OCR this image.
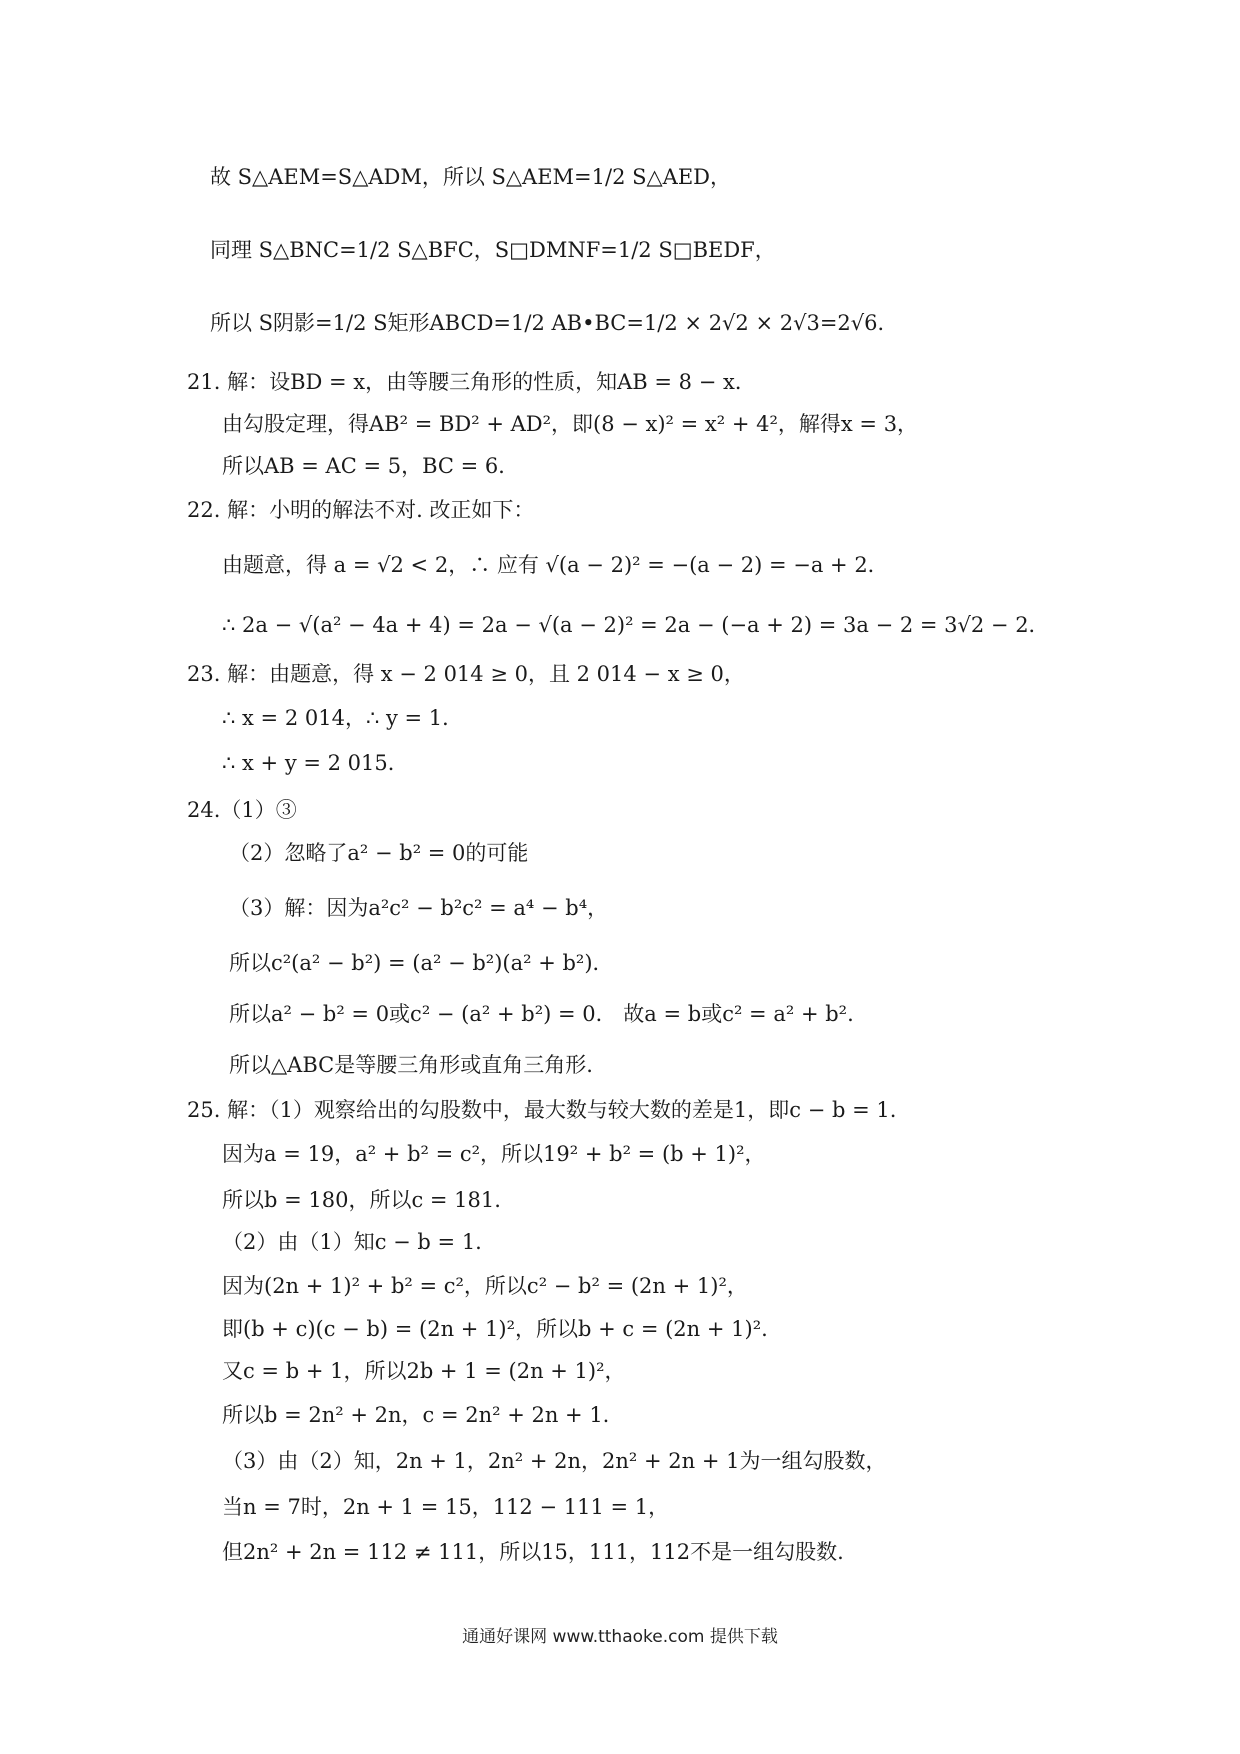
故 S△AEM=S△ADM，所以 S△AEM=1/2 S△AED，
同理 S△BNC=1/2 S△BFC，S□DMNF=1/2 S□BEDF，
所以 S阴影=1/2 S矩形ABCD=1/2 AB•BC=1/2 × 2√2 × 2√3=2√6．
21. 解：设BD = x，由等腰三角形的性质，知AB = 8 − x．
由勾股定理，得AB² = BD² + AD²，即(8 − x)² = x² + 4²，解得x = 3，
所以AB = AC = 5，BC = 6．
22. 解：小明的解法不对. 改正如下：
由题意，得 a = √2 < 2，∴ 应有 √(a − 2)² = −(a − 2) = −a + 2．
∴ 2a − √(a² − 4a + 4) = 2a − √(a − 2)² = 2a − (−a + 2) = 3a − 2 = 3√2 − 2．
23. 解：由题意，得 x − 2 014 ≥ 0，且 2 014 − x ≥ 0，
∴ x = 2 014，∴ y = 1．
∴ x + y = 2 015．
24.（1）③
（2）忽略了a² − b² = 0的可能
（3）解：因为a²c² − b²c² = a⁴ − b⁴，
所以c²(a² − b²) = (a² − b²)(a² + b²)．
所以a² − b² = 0或c² − (a² + b²) = 0． 故a = b或c² = a² + b².
所以△ABC是等腰三角形或直角三角形.
25. 解：（1）观察给出的勾股数中，最大数与较大数的差是1，即c − b = 1.
因为a = 19，a² + b² = c²，所以19² + b² = (b + 1)²，
所以b = 180，所以c = 181.
（2）由（1）知c − b = 1.
因为(2n + 1)² + b² = c²，所以c² − b² = (2n + 1)²，
即(b + c)(c − b) = (2n + 1)²，所以b + c = (2n + 1)².
又c = b + 1，所以2b + 1 = (2n + 1)²，
所以b = 2n² + 2n，c = 2n² + 2n + 1.
（3）由（2）知，2n + 1，2n² + 2n，2n² + 2n + 1为一组勾股数，
当n = 7时，2n + 1 = 15，112 − 111 = 1，
但2n² + 2n = 112 ≠ 111，所以15，111，112不是一组勾股数.
通通好课网 www.tthaoke.com 提供下载
